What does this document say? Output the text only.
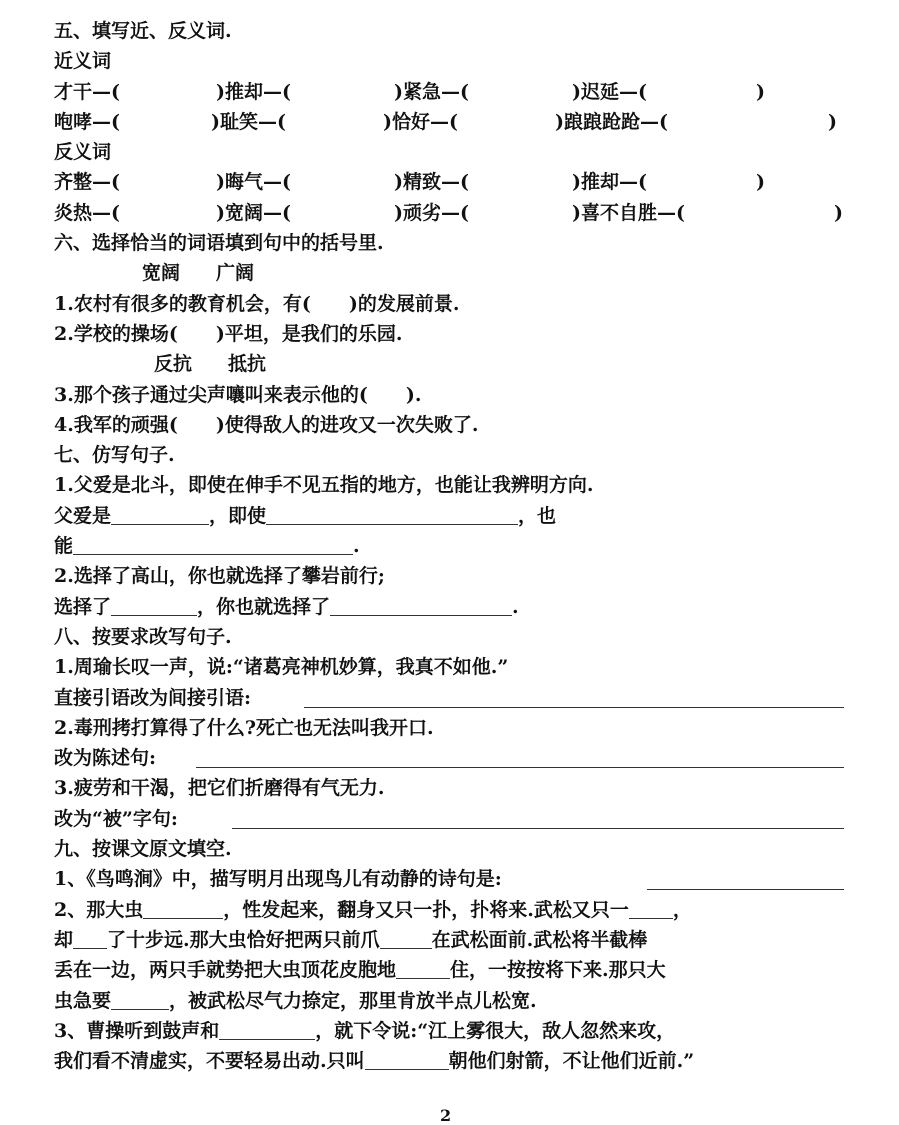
五、填写近、反义词.
近义词
才干—(	)推却—(	)紧急—(	)迟延—(	)
咆哮—(	)耻笑—(	)恰好—(	)踉踉跄跄—(	)
反义词
齐整—(	)晦气—(	)精致—(	)推却—(	)
炎热—(	)宽阔—(	)顽劣—(	)喜不自胜—(	)
六、选择恰当的词语填到句中的括号里.
宽阔 广阔
1.农村有很多的教育机会，有(　　)的发展前景.
2.学校的操场(　　)平坦，是我们的乐园.
反抗 抵抗
3.那个孩子通过尖声嚷叫来表示他的(　　).
4.我军的顽强(　　)使得敌人的进攻又一次失败了.
七、仿写句子.
1.父爱是北斗，即使在伸手不见五指的地方，也能让我辨明方向.
父爱是	，即使	，也
能	.
2.选择了高山，你也就选择了攀岩前行;
选择了	，你也就选择了	.
八、按要求改写句子.
1.周瑜长叹一声，说:“诸葛亮神机妙算，我真不如他.”
直接引语改为间接引语:
2.毒刑拷打算得了什么?死亡也无法叫我开口.
改为陈述句:
3.疲劳和干渴，把它们折磨得有气无力.
改为“被”字句:
九、按课文原文填空.
1、《鸟鸣涧》中，描写明月出现鸟儿有动静的诗句是:
2、那大虫	，性发起来，翻身又只一扑，扑将来.武松又只一 ，
却 了十步远.那大虫恰好把两只前爪	在武松面前.武松将半截棒
丢在一边，两只手就势把大虫顶花皮胞地	住，一按按将下来.那只大
虫急要	，被武松尽气力捺定，那里肯放半点儿松宽.
3、曹操听到鼓声和	，就下令说:“江上雾很大，敌人忽然来攻，
我们看不清虚实，不要轻易出动.只叫	朝他们射箭，不让他们近前.”
2
